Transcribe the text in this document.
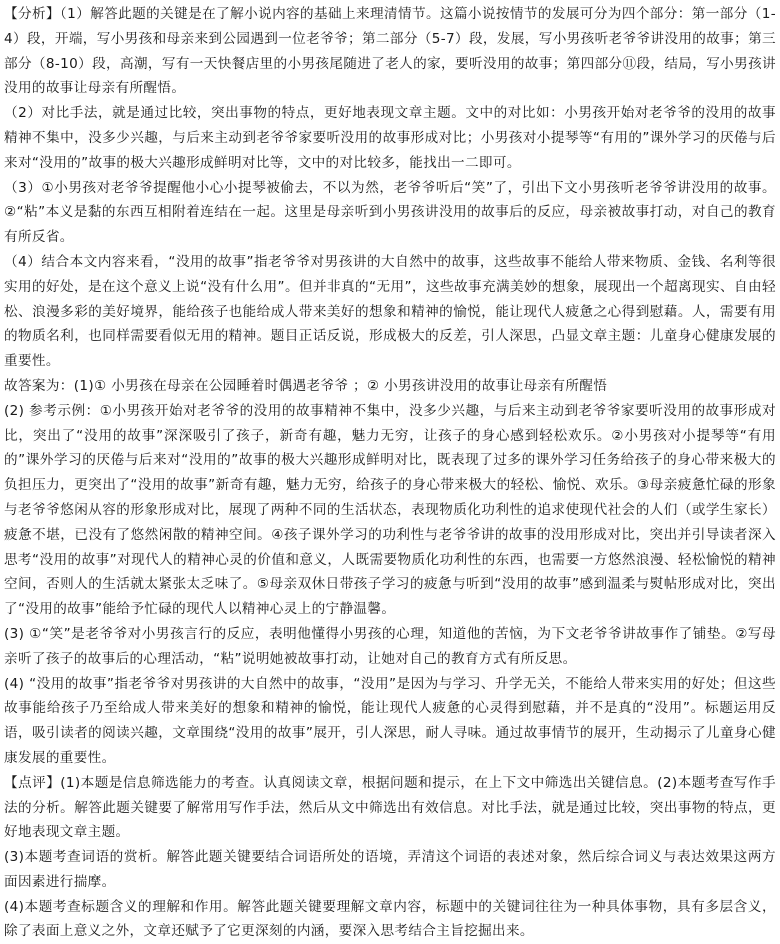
【分析】（1）解答此题的关键是在了解小说内容的基础上来理清情节。这篇小说按情节的发展可分为四个部分：第一部分（1-4）段，开端，写小男孩和母亲来到公园遇到一位老爷爷；第二部分（5-7）段，发展，写小男孩听老爷爷讲没用的故事；第三部分（8-10）段，高潮，写有一天快餐店里的小男孩尾随进了老人的家，要听没用的故事；第四部分⑪段，结局，写小男孩讲没用的故事让母亲有所醒悟。

（2）对比手法，就是通过比较，突出事物的特点，更好地表现文章主题。文中的对比如：小男孩开始对老爷爷的没用的故事精神不集中，没多少兴趣，与后来主动到老爷爷家要听没用的故事形成对比；小男孩对小提琴等“有用的”课外学习的厌倦与后来对“没用的”故事的极大兴趣形成鲜明对比等，文中的对比较多，能找出一二即可。

（3）①小男孩对老爷爷提醒他小心小提琴被偷去，不以为然，老爷爷听后“笑”了，引出下文小男孩听老爷爷讲没用的故事。②“粘”本义是黏的东西互相附着连结在一起。这里是母亲听到小男孩讲没用的故事后的反应，母亲被故事打动，对自己的教育有所反省。

（4）结合本文内容来看，“没用的故事”指老爷爷对男孩讲的大自然中的故事，这些故事不能给人带来物质、金钱、名利等很实用的好处，是在这个意义上说“没有什么用”。但并非真的“无用”，这些故事充满美妙的想象，展现出一个超离现实、自由轻松、浪漫多彩的美好境界，能给孩子也能给成人带来美好的想象和精神的愉悦，能让现代人疲惫之心得到慰藉。人，需要有用的物质名利，也同样需要看似无用的精神。题目正话反说，形成极大的反差，引人深思，凸显文章主题：儿童身心健康发展的重要性。

故答案为：(1)① 小男孩在母亲在公园睡着时偶遇老爷爷 ；② 小男孩讲没用的故事让母亲有所醒悟

(2) 参考示例：①小男孩开始对老爷爷的没用的故事精神不集中，没多少兴趣，与后来主动到老爷爷家要听没用的故事形成对比，突出了“没用的故事”深深吸引了孩子，新奇有趣，魅力无穷，让孩子的身心感到轻松欢乐。②小男孩对小提琴等“有用的”课外学习的厌倦与后来对“没用的”故事的极大兴趣形成鲜明对比，既表现了过多的课外学习任务给孩子的身心带来极大的负担压力，更突出了“没用的故事”新奇有趣，魅力无穷，给孩子的身心带来极大的轻松、愉悦、欢乐。③母亲疲惫忙碌的形象与老爷爷悠闲从容的形象形成对比，展现了两种不同的生活状态，表现物质化功利性的追求使现代社会的人们（或学生家长）疲惫不堪，已没有了悠然闲散的精神空间。④孩子课外学习的功利性与老爷爷讲的故事的没用形成对比，突出并引导读者深入思考“没用的故事”对现代人的精神心灵的价值和意义，人既需要物质化功利性的东西，也需要一方悠然浪漫、轻松愉悦的精神空间，否则人的生活就太紧张太乏味了。⑤母亲双休日带孩子学习的疲惫与听到“没用的故事”感到温柔与熨帖形成对比，突出了“没用的故事”能给予忙碌的现代人以精神心灵上的宁静温馨。

(3) ①“笑”是老爷爷对小男孩言行的反应，表明他懂得小男孩的心理，知道他的苦恼，为下文老爷爷讲故事作了铺垫。②写母亲听了孩子的故事后的心理活动，“粘”说明她被故事打动，让她对自己的教育方式有所反思。

(4) “没用的故事”指老爷爷对男孩讲的大自然中的故事，“没用”是因为与学习、升学无关，不能给人带来实用的好处；但这些故事能给孩子乃至给成人带来美好的想象和精神的愉悦，能让现代人疲惫的心灵得到慰藉，并不是真的“没用”。标题运用反语，吸引读者的阅读兴趣，文章围绕“没用的故事”展开，引人深思，耐人寻味。通过故事情节的展开，生动揭示了儿童身心健康发展的重要性。

【点评】(1)本题是信息筛选能力的考查。认真阅读文章，根据问题和提示，在上下文中筛选出关键信息。(2)本题考查写作手法的分析。解答此题关键要了解常用写作手法，然后从文中筛选出有效信息。对比手法，就是通过比较，突出事物的特点，更好地表现文章主题。

(3)本题考查词语的赏析。解答此题关键要结合词语所处的语境，弄清这个词语的表述对象，然后综合词义与表达效果这两方面因素进行揣摩。

(4)本题考查标题含义的理解和作用。解答此题关键要理解文章内容，标题中的关键词往往为一种具体事物，具有多层含义，除了表面上意义之外，文章还赋予了它更深刻的内涵，要深入思考结合主旨挖掘出来。
